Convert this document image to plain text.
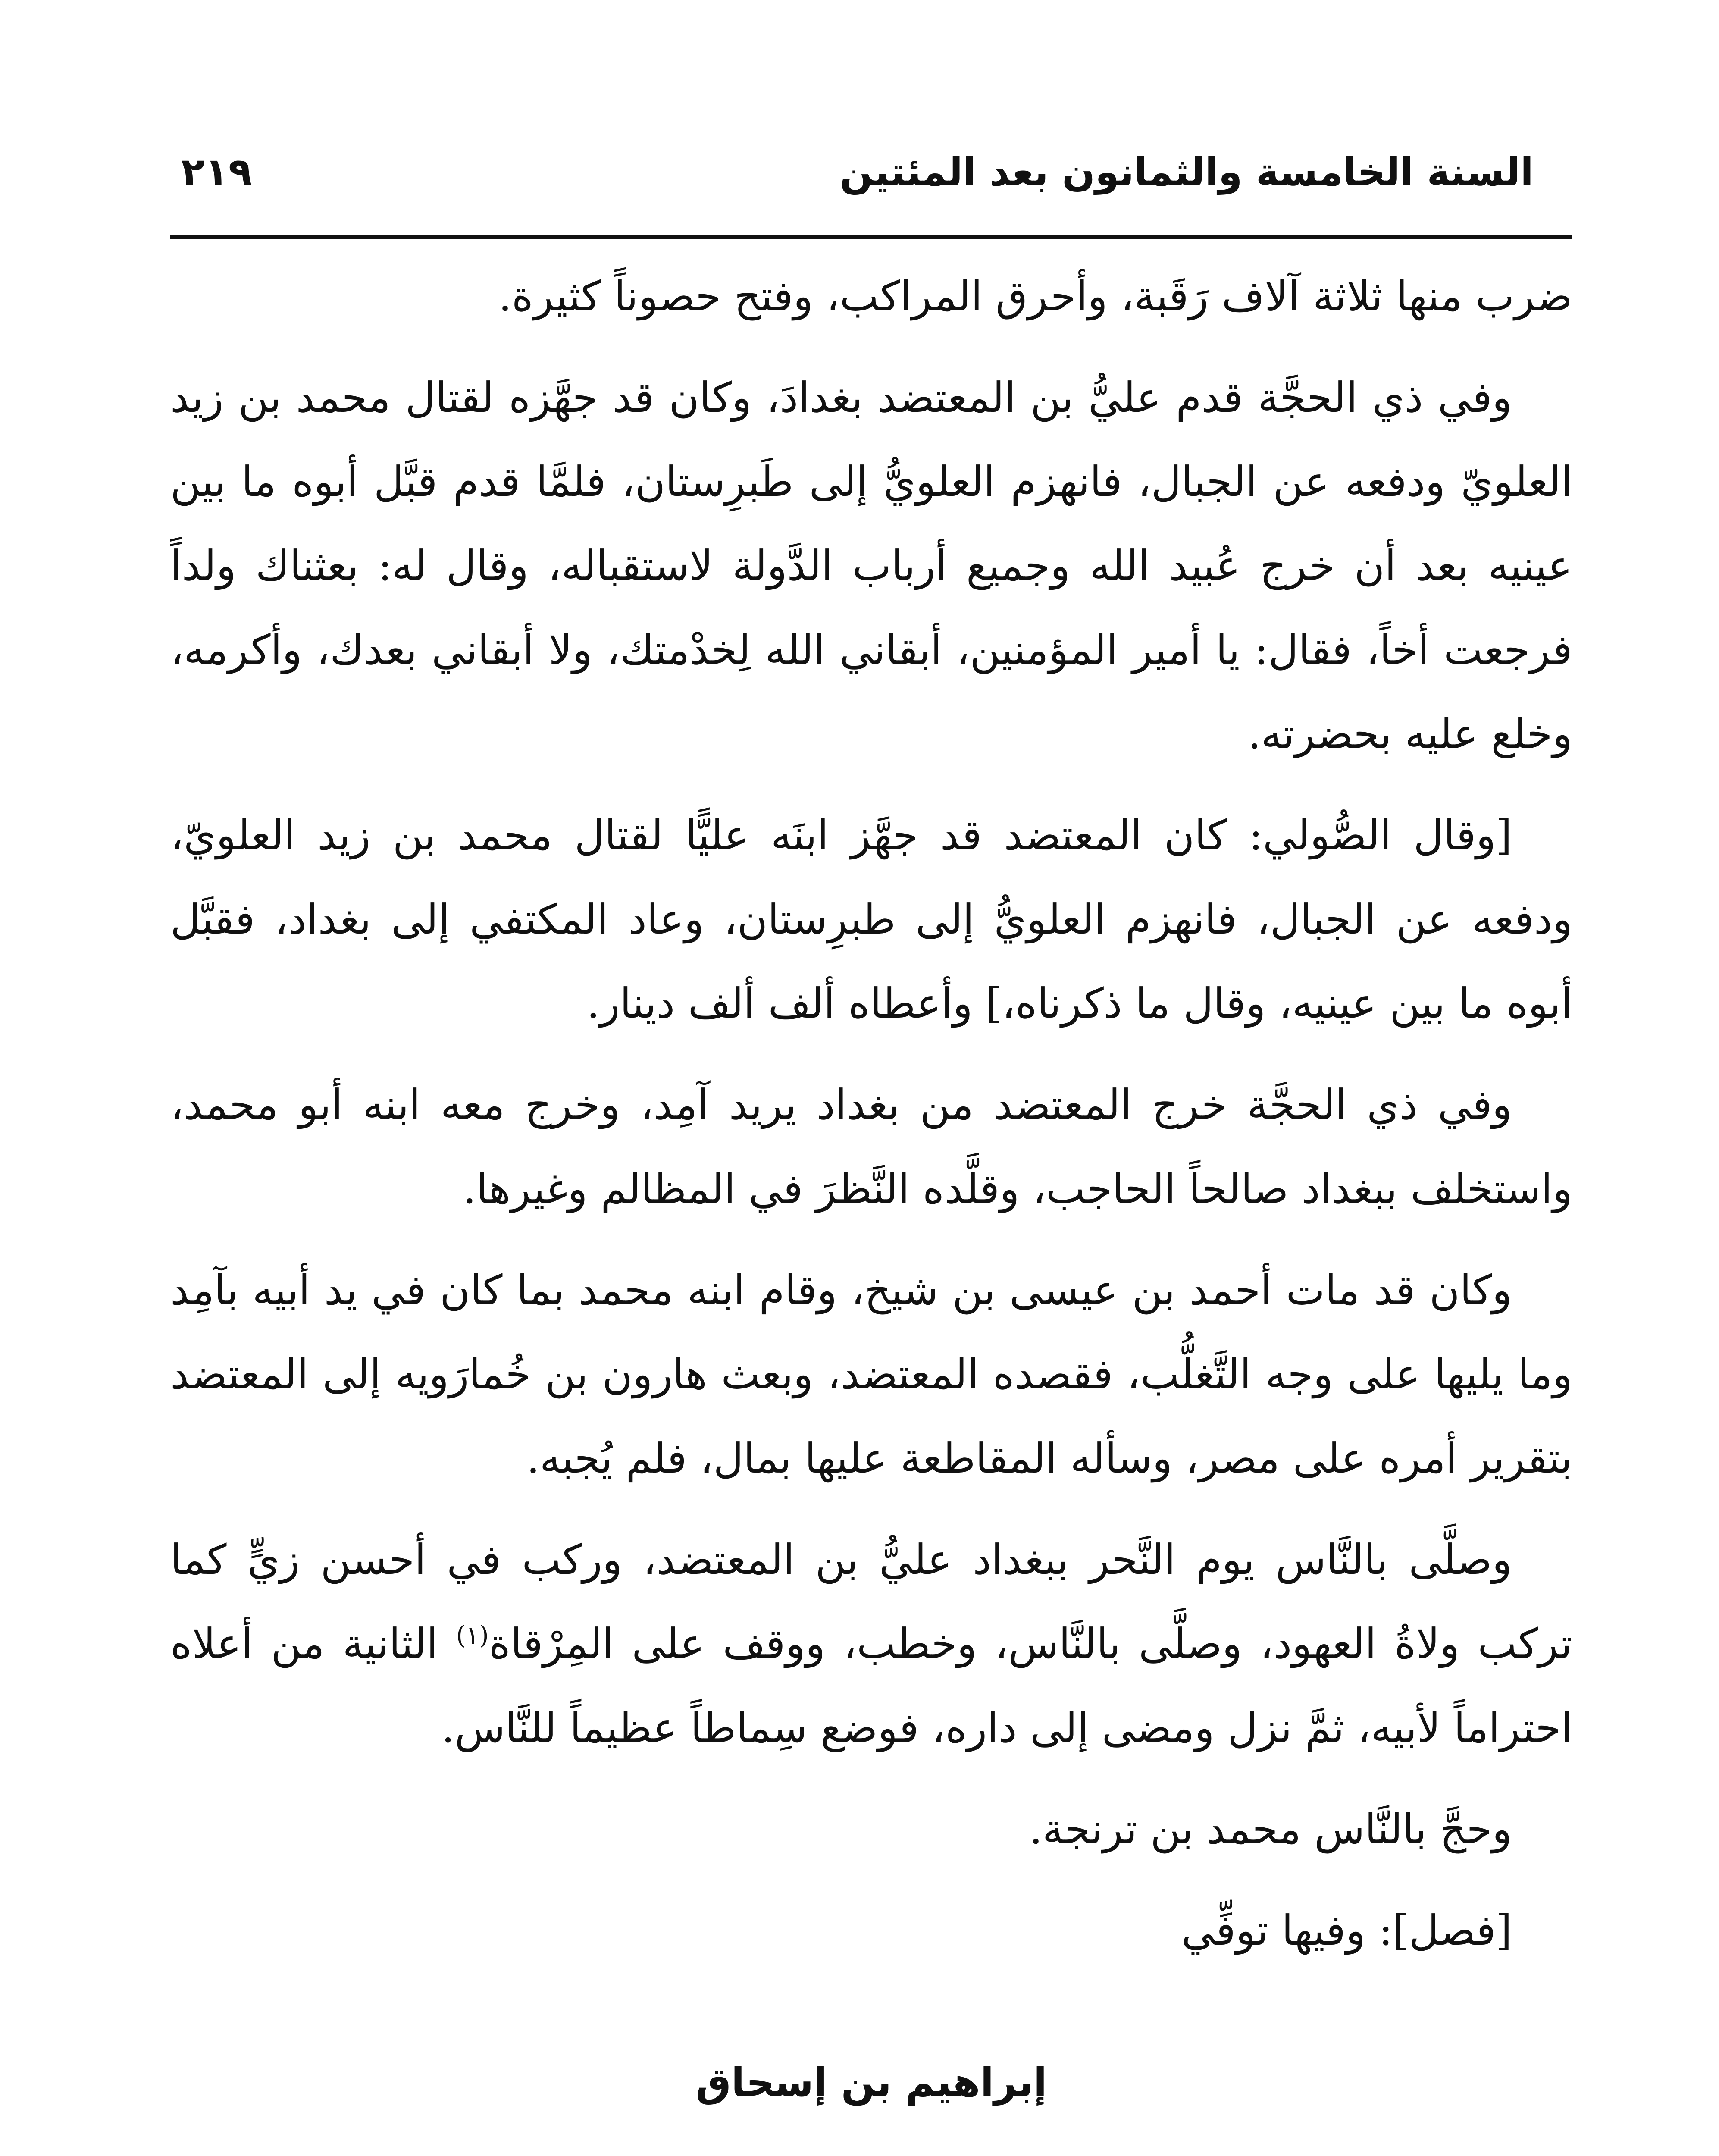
السنة الخامسة والثمانون بعد المئتين
٢١٩

ضرب منها ثلاثة آلاف رَقَبة، وأحرق المراكب، وفتح حصوناً كثيرة.

وفي ذي الحجَّة قدم عليُّ بن المعتضد بغدادَ، وكان قد جهَّزه لقتال محمد بن زيد العلويّ ودفعه عن الجبال، فانهزم العلويُّ إلى طَبرِستان، فلمَّا قدم قبَّل أبوه ما بين عينيه بعد أن خرج عُبيد الله وجميع أرباب الدَّولة لاستقباله، وقال له: بعثناك ولداً فرجعت أخاً، فقال: يا أمير المؤمنين، أبقاني الله لِخدْمتك، ولا أبقاني بعدك، وأكرمه، وخلع عليه بحضرته.

[وقال الصُّولي: كان المعتضد قد جهَّز ابنَه عليًّا لقتال محمد بن زيد العلويّ، ودفعه عن الجبال، فانهزم العلويُّ إلى طبرِستان، وعاد المكتفي إلى بغداد، فقبَّل أبوه ما بين عينيه، وقال ما ذكرناه،] وأعطاه ألف ألف دينار.

وفي ذي الحجَّة خرج المعتضد من بغداد يريد آمِد، وخرج معه ابنه أبو محمد، واستخلف ببغداد صالحاً الحاجب، وقلَّده النَّظرَ في المظالم وغيرها.

وكان قد مات أحمد بن عيسى بن شيخ، وقام ابنه محمد بما كان في يد أبيه بآمِد وما يليها على وجه التَّغلُّب، فقصده المعتضد، وبعث هارون بن خُمارَويه إلى المعتضد بتقرير أمره على مصر، وسأله المقاطعة عليها بمال، فلم يُجبه.

وصلَّى بالنَّاس يوم النَّحر ببغداد عليُّ بن المعتضد، وركب في أحسن زيٍّ كما تركب ولاةُ العهود، وصلَّى بالنَّاس، وخطب، ووقف على المِرْقاة$^{(١)}$ الثانية من أعلاه احتراماً لأبيه، ثمَّ نزل ومضى إلى داره، فوضع سِماطاً عظيماً للنَّاس.

وحجَّ بالنَّاس محمد بن ترنجة.

[فصل]: وفيها توفِّي

إبراهيم بن إسحاق
